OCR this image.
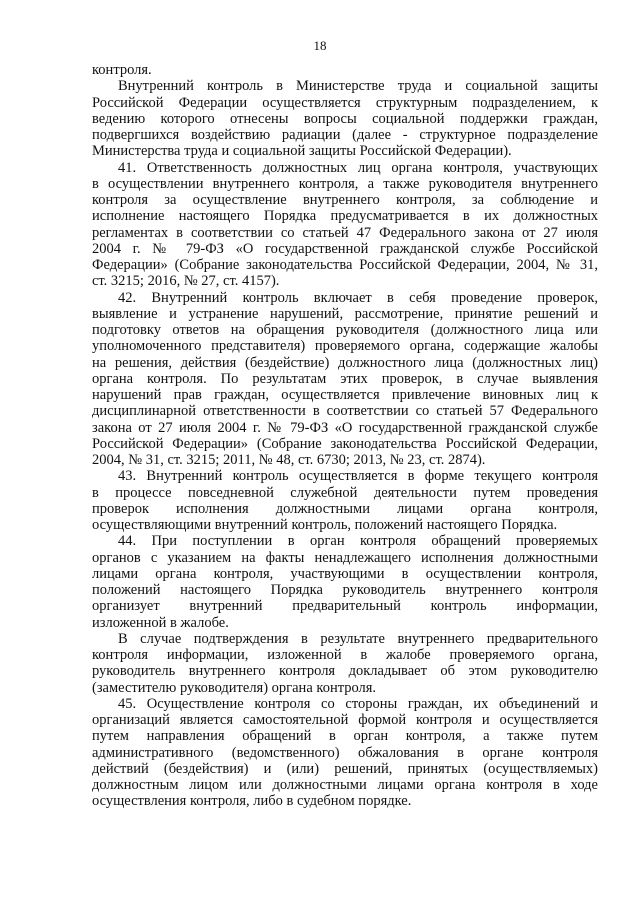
18
контроля.
Внутренний контроль в Министерстве труда и социальной защиты
Российской Федерации осуществляется структурным подразделением, к
ведению которого отнесены вопросы социальной поддержки граждан,
подвергшихся воздействию радиации (далее - структурное подразделение
Министерства труда и социальной защиты Российской Федерации).
41. Ответственность должностных лиц органа контроля, участвующих
в осуществлении внутреннего контроля, а также руководителя внутреннего
контроля за осуществление внутреннего контроля, за соблюдение и
исполнение настоящего Порядка предусматривается в их должностных
регламентах в соответствии со статьей 47 Федерального закона от 27 июля
2004 г. № 79-ФЗ «О государственной гражданской службе Российской
Федерации» (Собрание законодательства Российской Федерации, 2004, № 31,
ст. 3215; 2016, № 27, ст. 4157).
42. Внутренний контроль включает в себя проведение проверок,
выявление и устранение нарушений, рассмотрение, принятие решений и
подготовку ответов на обращения руководителя (должностного лица или
уполномоченного представителя) проверяемого органа, содержащие жалобы
на решения, действия (бездействие) должностного лица (должностных лиц)
органа контроля. По результатам этих проверок, в случае выявления
нарушений прав граждан, осуществляется привлечение виновных лиц к
дисциплинарной ответственности в соответствии со статьей 57 Федерального
закона от 27 июля 2004 г. № 79-ФЗ «О государственной гражданской службе
Российской Федерации» (Собрание законодательства Российской Федерации,
2004, № 31, ст. 3215; 2011, № 48, ст. 6730; 2013, № 23, ст. 2874).
43. Внутренний контроль осуществляется в форме текущего контроля
в процессе повседневной служебной деятельности путем проведения
проверок исполнения должностными лицами органа контроля,
осуществляющими внутренний контроль, положений настоящего Порядка.
44. При поступлении в орган контроля обращений проверяемых
органов с указанием на факты ненадлежащего исполнения должностными
лицами органа контроля, участвующими в осуществлении контроля,
положений настоящего Порядка руководитель внутреннего контроля
организует внутренний предварительный контроль информации,
изложенной в жалобе.
В случае подтверждения в результате внутреннего предварительного
контроля информации, изложенной в жалобе проверяемого органа,
руководитель внутреннего контроля докладывает об этом руководителю
(заместителю руководителя) органа контроля.
45. Осуществление контроля со стороны граждан, их объединений и
организаций является самостоятельной формой контроля и осуществляется
путем направления обращений в орган контроля, а также путем
административного (ведомственного) обжалования в органе контроля
действий (бездействия) и (или) решений, принятых (осуществляемых)
должностным лицом или должностными лицами органа контроля в ходе
осуществления контроля, либо в судебном порядке.
